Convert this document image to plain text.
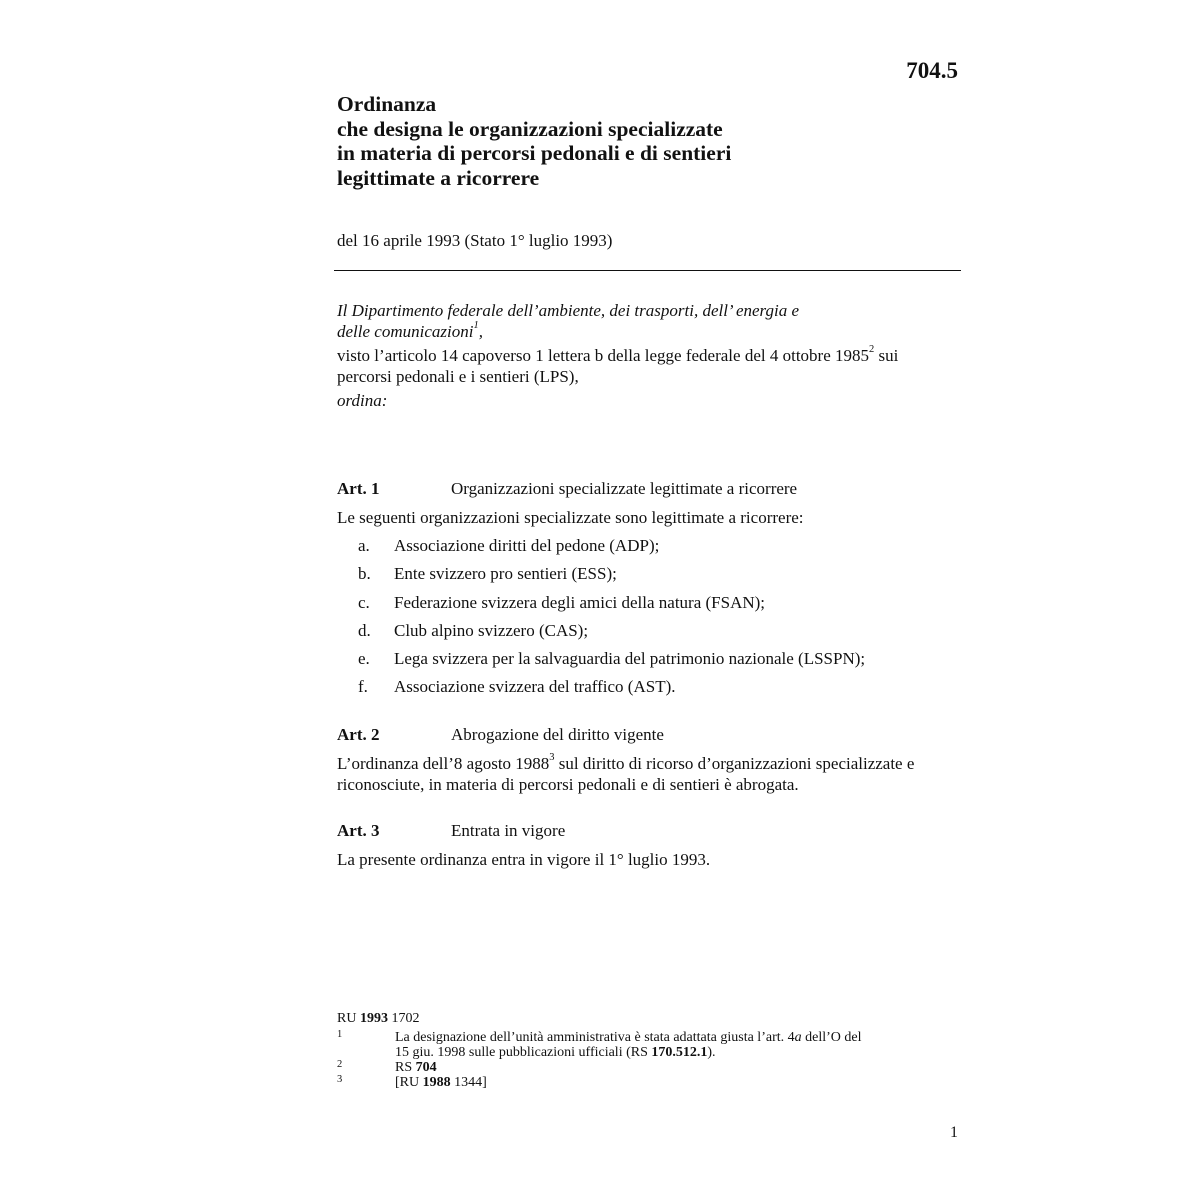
704.5
Ordinanza
che designa le organizzazioni specializzate
in materia di percorsi pedonali e di sentieri
legittimate a ricorrere
del 16 aprile 1993 (Stato 1° luglio 1993)
Il Dipartimento federale dell’ambiente, dei trasporti, dell’ energia e
delle comunicazioni$^1$,
visto l’articolo 14 capoverso 1 lettera b della legge federale del 4 ottobre 1985$^2$ sui
percorsi pedonali e i sentieri (LPS),
ordina:
Art. 1	Organizzazioni specializzate legittimate a ricorrere
Le seguenti organizzazioni specializzate sono legittimate a ricorrere:
a. Associazione diritti del pedone (ADP);
b. Ente svizzero pro sentieri (ESS);
c. Federazione svizzera degli amici della natura (FSAN);
d. Club alpino svizzero (CAS);
e. Lega svizzera per la salvaguardia del patrimonio nazionale (LSSPN);
f. Associazione svizzera del traffico (AST).
Art. 2	Abrogazione del diritto vigente
L’ordinanza dell’8 agosto 1988$^3$ sul diritto di ricorso d’organizzazioni specializzate e
riconosciute, in materia di percorsi pedonali e di sentieri è abrogata.
Art. 3	Entrata in vigore
La presente ordinanza entra in vigore il 1° luglio 1993.
RU 1993 1702
1	La designazione dell’unità amministrativa è stata adattata giusta l’art. 4a dell’O del
15 giu. 1998 sulle pubblicazioni ufficiali (RS 170.512.1).
2	RS 704
3	[RU 1988 1344]
1
